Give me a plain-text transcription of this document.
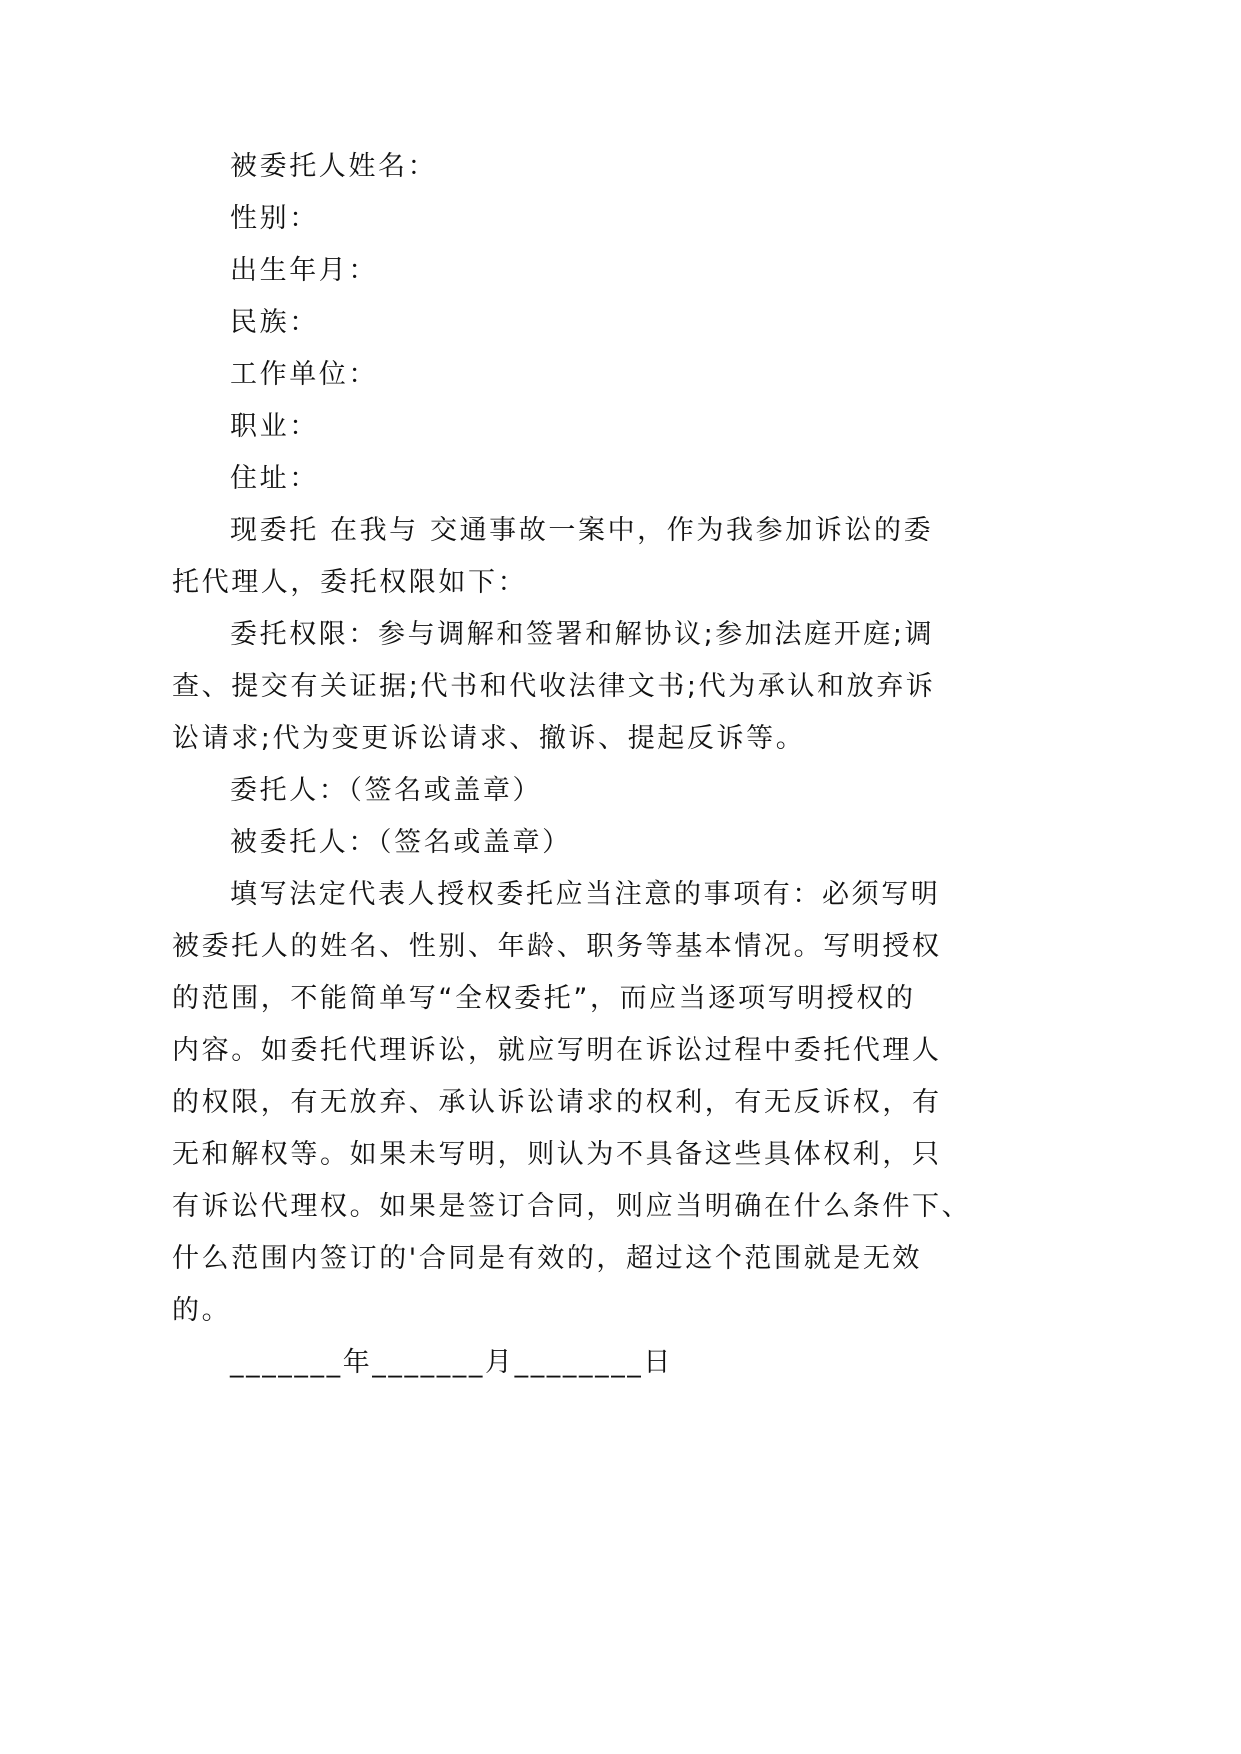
被委托人姓名：
性别：
出生年月：
民族：
工作单位：
职业：
住址：
现委托 在我与 交通事故一案中，作为我参加诉讼的委
托代理人，委托权限如下：
委托权限：参与调解和签署和解协议;参加法庭开庭;调
查、提交有关证据;代书和代收法律文书;代为承认和放弃诉
讼请求;代为变更诉讼请求、撤诉、提起反诉等。
委托人：（签名或盖章）
被委托人：（签名或盖章）
填写法定代表人授权委托应当注意的事项有：必须写明
被委托人的姓名、性别、年龄、职务等基本情况。写明授权
的范围，不能简单写“全权委托”，而应当逐项写明授权的
内容。如委托代理诉讼，就应写明在诉讼过程中委托代理人
的权限，有无放弃、承认诉讼请求的权利，有无反诉权，有
无和解权等。如果未写明，则认为不具备这些具体权利，只
有诉讼代理权。如果是签订合同，则应当明确在什么条件下、
什么范围内签订的'合同是有效的，超过这个范围就是无效
的。
_______年_______月________日
